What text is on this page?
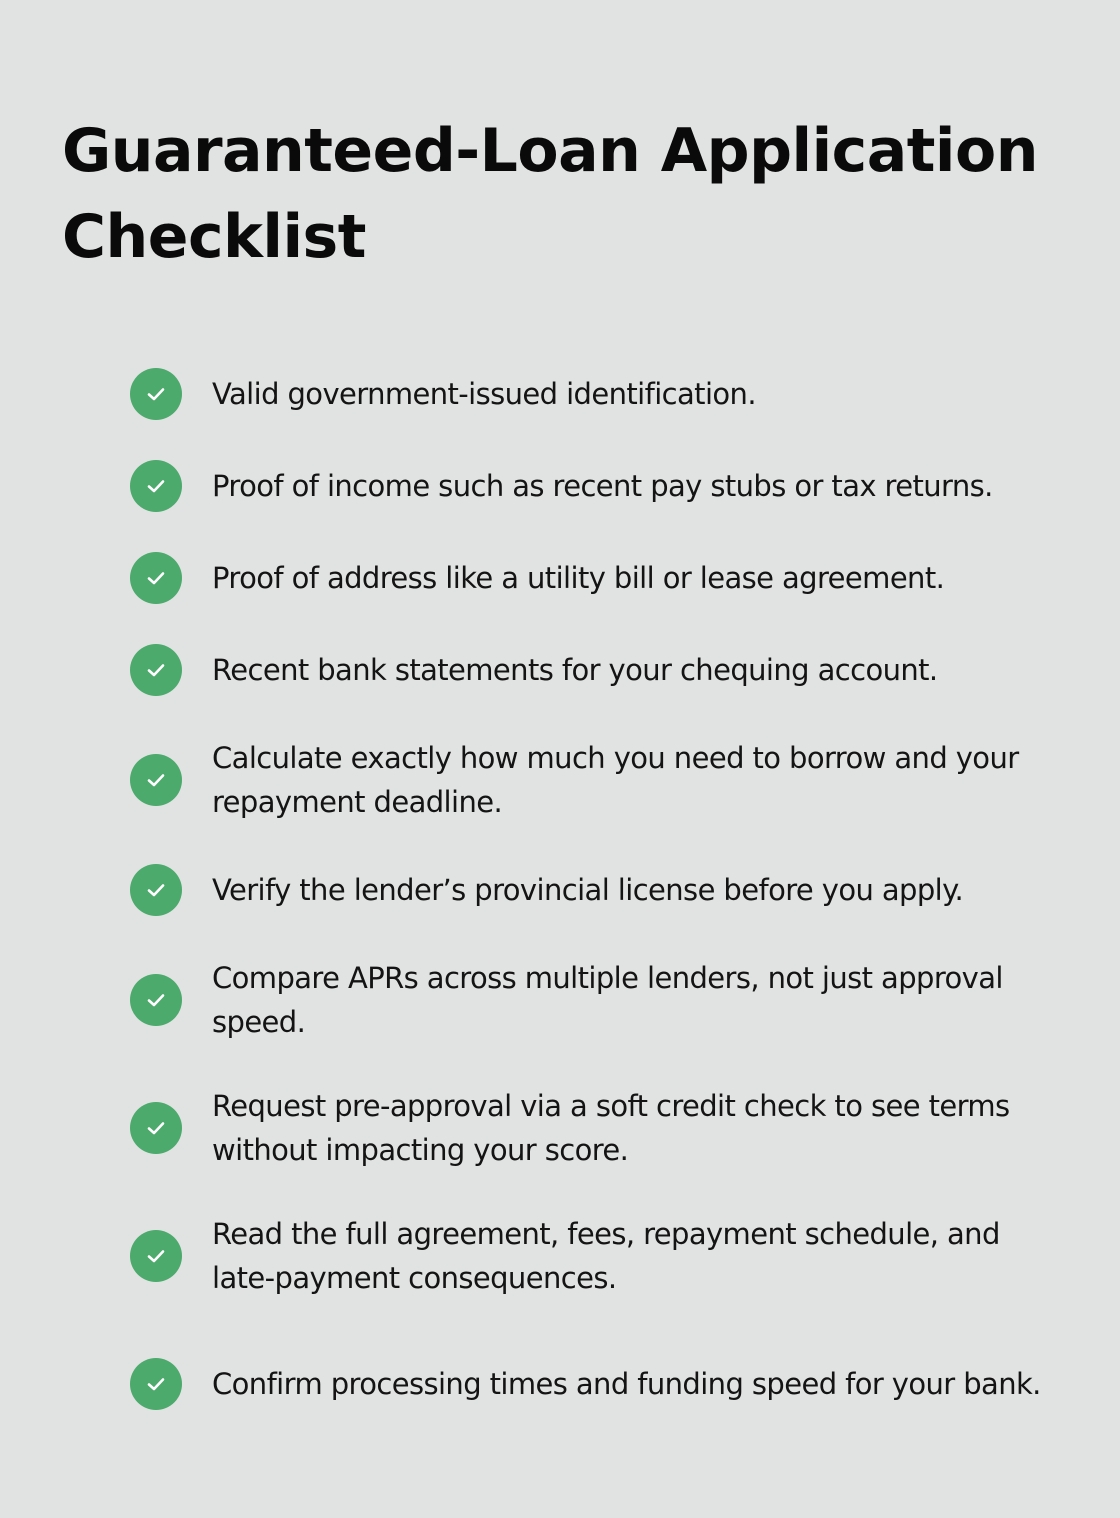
Guaranteed-Loan Application Checklist
Valid government-issued identification.
Proof of income such as recent pay stubs or tax returns.
Proof of address like a utility bill or lease agreement.
Recent bank statements for your chequing account.
Calculate exactly how much you need to borrow and your repayment deadline.
Verify the lender’s provincial license before you apply.
Compare APRs across multiple lenders, not just approval speed.
Request pre-approval via a soft credit check to see terms without impacting your score.
Read the full agreement, fees, repayment schedule, and late-payment consequences.
Confirm processing times and funding speed for your bank.
